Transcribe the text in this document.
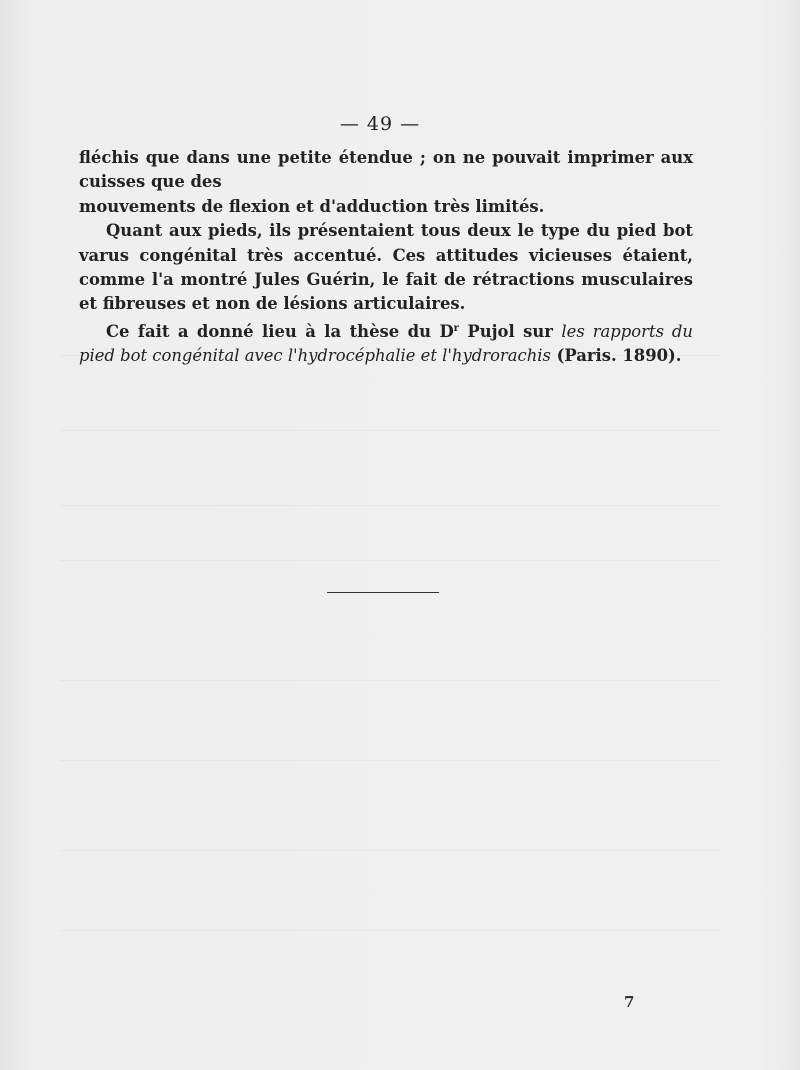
— 49 —

fléchis que dans une petite étendue ; on ne pouvait imprimer aux cuisses que des
mouvements de flexion et d'adduction très limités.

Quant aux pieds, ils présentaient tous deux le type du pied bot varus congénital très accentué. Ces attitudes vicieuses étaient, comme l'a montré Jules Guérin, le fait de rétractions musculaires et fibreuses et non de lésions articulaires.

Ce fait a donné lieu à la thèse du $D^r$ Pujol sur les rapports du pied bot congénital avec l'hydrocéphalie et l'hydrorachis (Paris. 1890).

7
